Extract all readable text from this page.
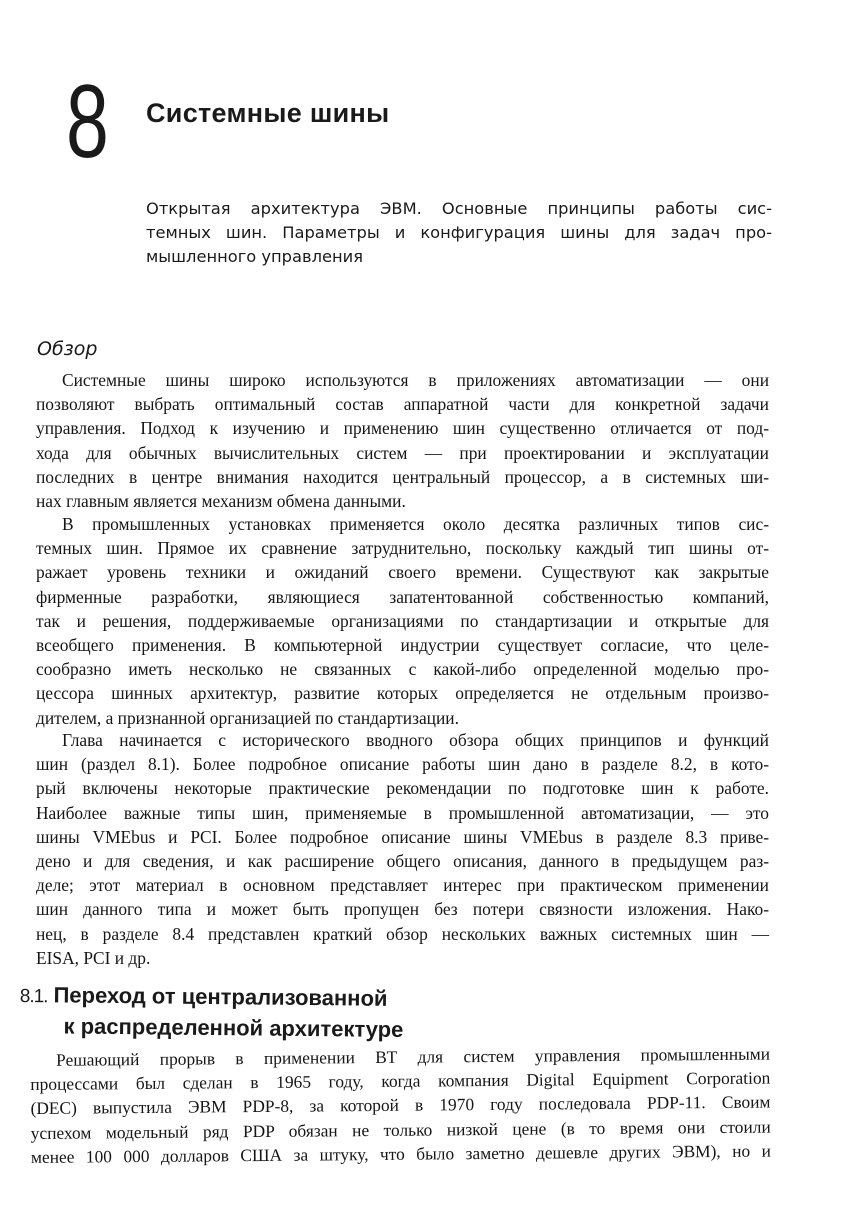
8 Системные шины
Открытая архитектура ЭВМ. Основные принципы работы сис-
темных шин. Параметры и конфигурация шины для задач про-
мышленного управления
Обзор
Системные шины широко используются в приложениях автоматизации — они
позволяют выбрать оптимальный состав аппаратной части для конкретной задачи
управления. Подход к изучению и применению шин существенно отличается от под-
хода для обычных вычислительных систем — при проектировании и эксплуатации
последних в центре внимания находится центральный процессор, а в системных ши-
нах главным является механизм обмена данными.
В промышленных установках применяется около десятка различных типов сис-
темных шин. Прямое их сравнение затруднительно, поскольку каждый тип шины от-
ражает уровень техники и ожиданий своего времени. Существуют как закрытые
фирменные разработки, являющиеся запатентованной собственностью компаний,
так и решения, поддерживаемые организациями по стандартизации и открытые для
всеобщего применения. В компьютерной индустрии существует согласие, что целе-
сообразно иметь несколько не связанных с какой-либо определенной моделью про-
цессора шинных архитектур, развитие которых определяется не отдельным произво-
дителем, а признанной организацией по стандартизации.
Глава начинается с исторического вводного обзора общих принципов и функций
шин (раздел 8.1). Более подробное описание работы шин дано в разделе 8.2, в кото-
рый включены некоторые практические рекомендации по подготовке шин к работе.
Наиболее важные типы шин, применяемые в промышленной автоматизации, — это
шины VMEbus и PCI. Более подробное описание шины VMEbus в разделе 8.3 приве-
дено и для сведения, и как расширение общего описания, данного в предыдущем раз-
деле; этот материал в основном представляет интерес при практическом применении
шин данного типа и может быть пропущен без потери связности изложения. Нако-
нец, в разделе 8.4 представлен краткий обзор нескольких важных системных шин —
EISA, PCI и др.
8.1. Переход от централизованной
к распределенной архитектуре
Решающий прорыв в применении ВТ для систем управления промышленными
процессами был сделан в 1965 году, когда компания Digital Equipment Corporation
(DEC) выпустила ЭВМ PDP-8, за которой в 1970 году последовала PDP-11. Своим
успехом модельный ряд PDP обязан не только низкой цене (в то время они стоили
менее 100 000 долларов США за штуку, что было заметно дешевле других ЭВМ), но и
